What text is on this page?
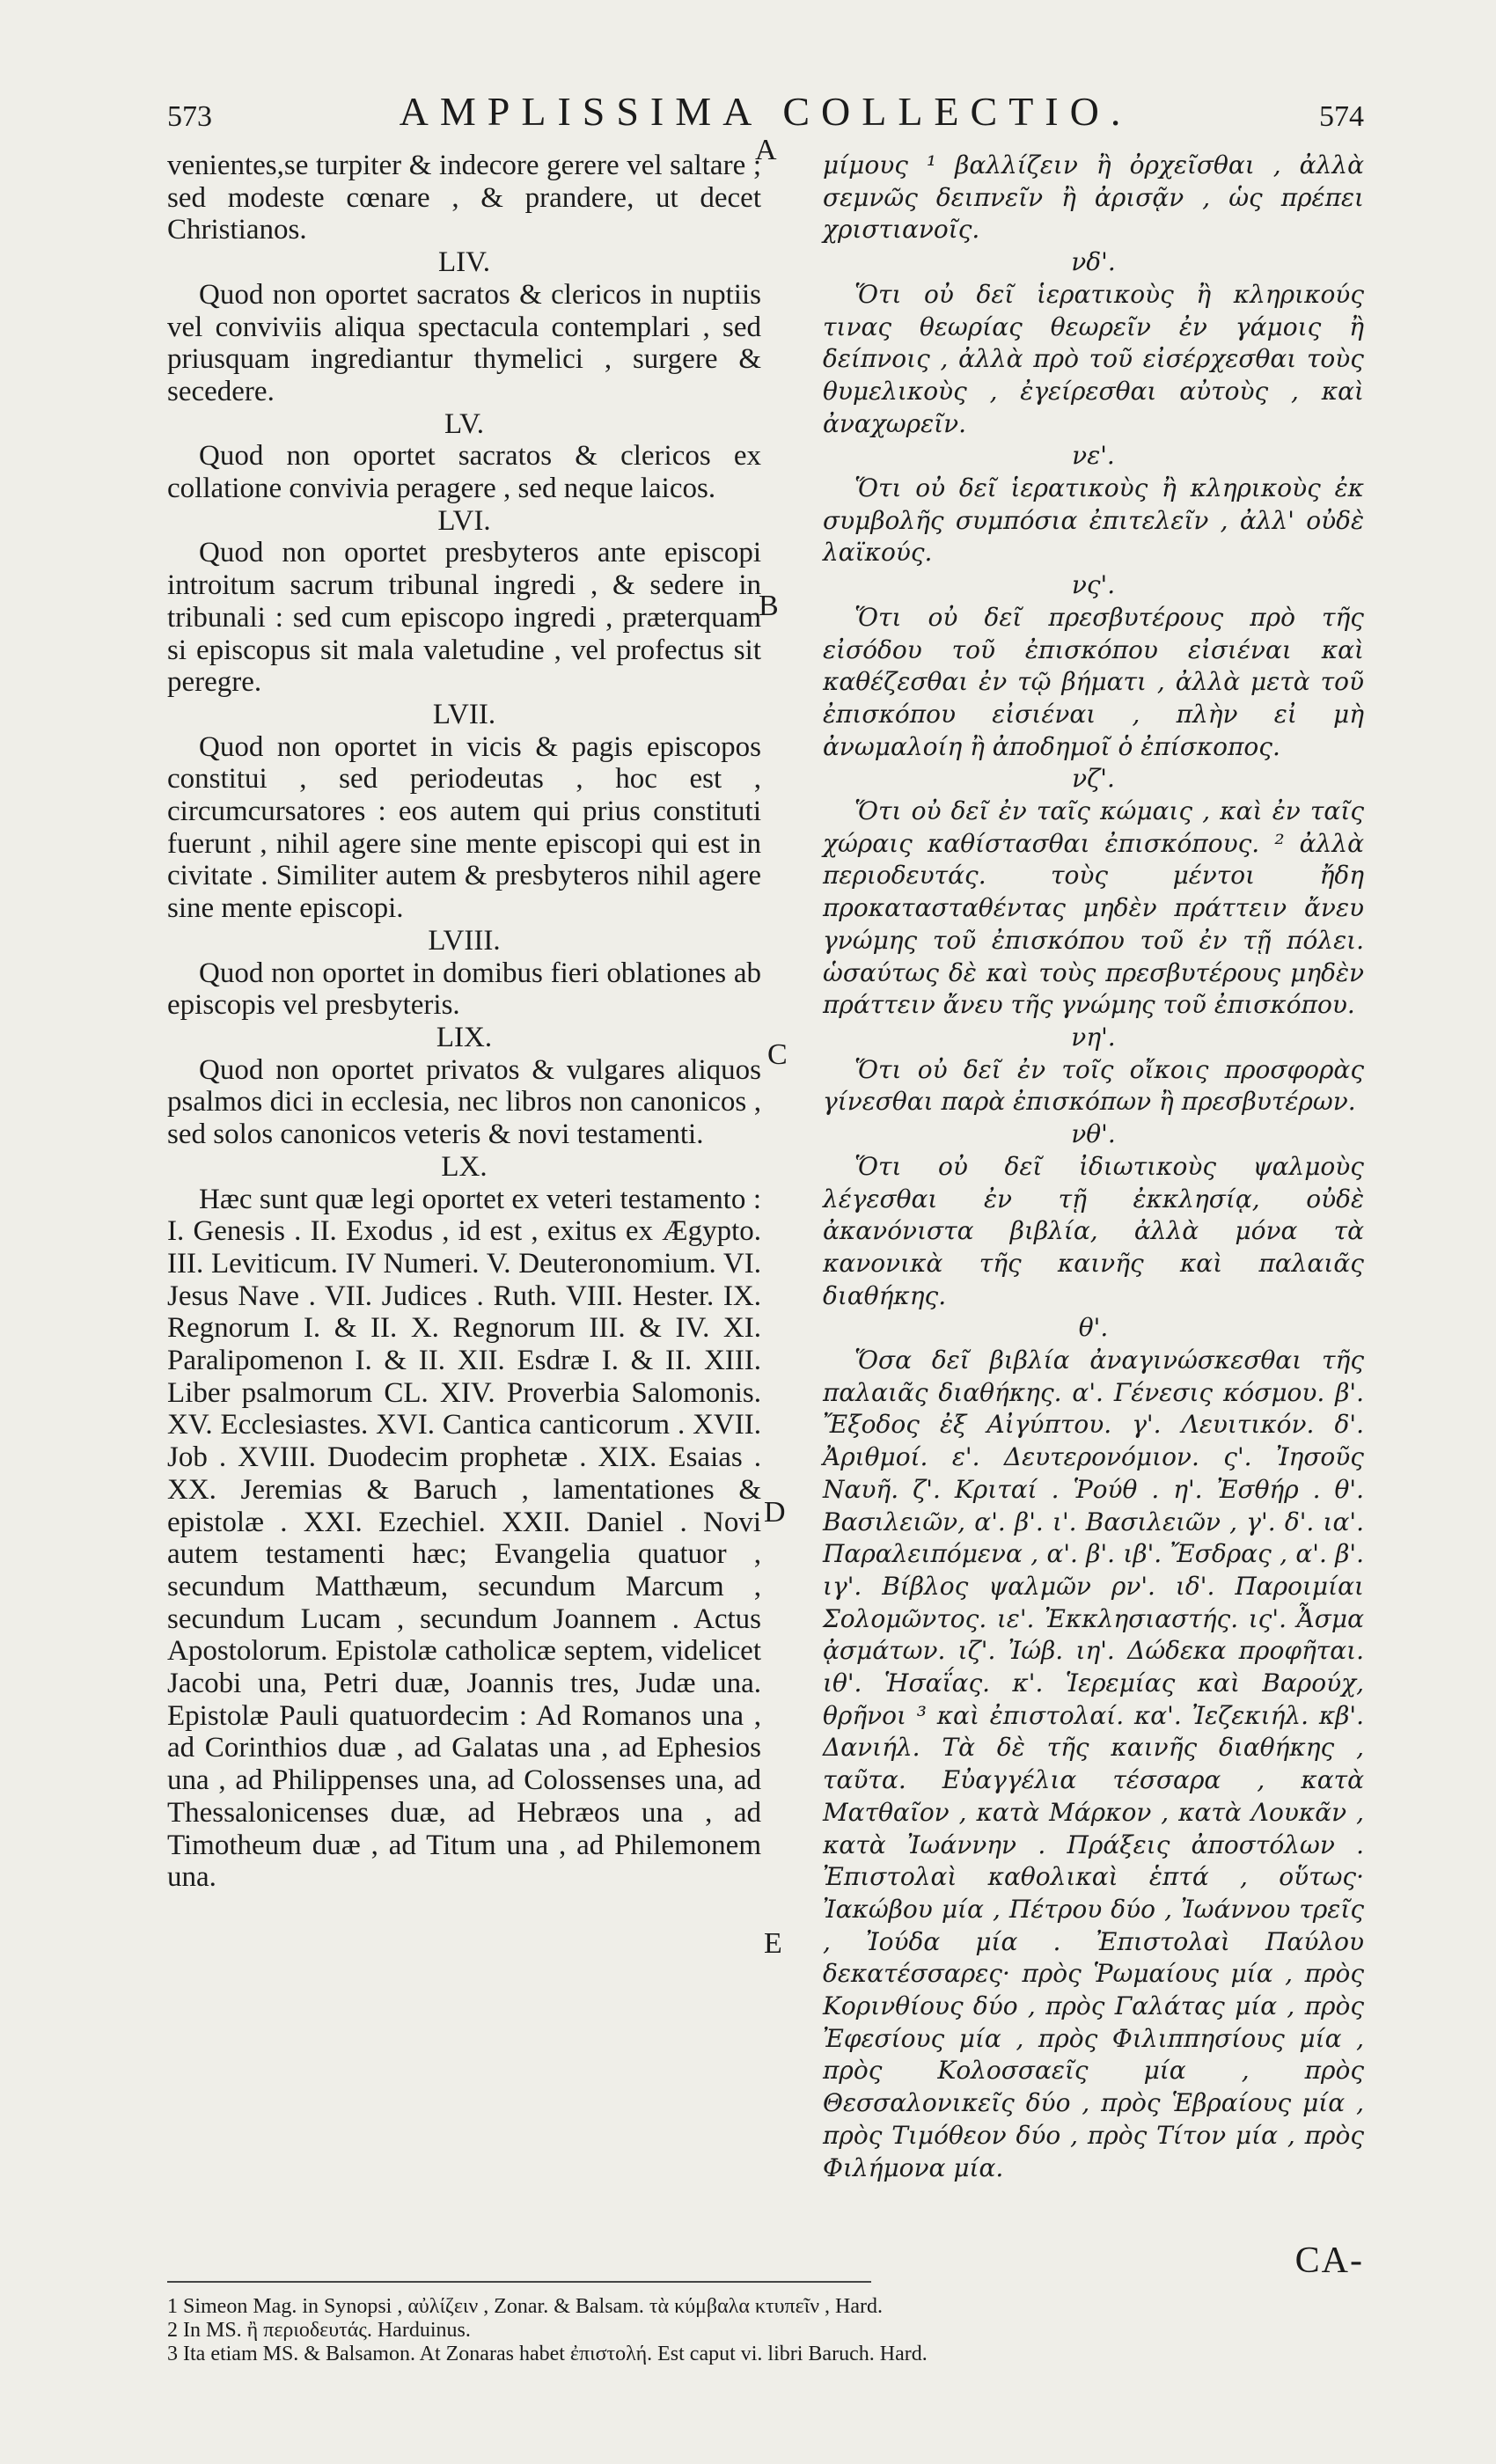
573	AMPLISSIMA COLLECTIO.	574
venientes,se turpiter & indecore gerere vel saltare ; sed modeste cœnare , & prandere, ut decet Christianos.
LIV.
Quod non oportet sacratos & clericos in nuptiis vel conviviis aliqua spectacula contemplari , sed priusquam ingrediantur thymelici , surgere & secedere.
LV.
Quod non oportet sacratos & clericos ex collatione convivia peragere , sed neque laicos.
LVI.
Quod non oportet presbyteros ante episcopi introitum sacrum tribunal ingredi , & sedere in tribunali : sed cum episcopo ingredi , præterquam si episcopus sit mala valetudine , vel profectus sit peregre.
LVII.
Quod non oportet in vicis & pagis episcopos constitui , sed periodeutas , hoc est , circumcursatores : eos autem qui prius constituti fuerunt , nihil agere sine mente episcopi qui est in civitate . Similiter autem & presbyteros nihil agere sine mente episcopi.
LVIII.
Quod non oportet in domibus fieri oblationes ab episcopis vel presbyteris.
LIX.
Quod non oportet privatos & vulgares aliquos psalmos dici in ecclesia, nec libros non canonicos , sed solos canonicos veteris & novi testamenti.
LX.
Hæc sunt quæ legi oportet ex veteri testamento : I. Genesis . II. Exodus , id est , exitus ex Ægypto. III. Leviticum. IV Numeri. V. Deuteronomium. VI. Jesus Nave . VII. Judices . Ruth. VIII. Hester. IX. Regnorum I. & II. X. Regnorum III. & IV. XI. Paralipomenon I. & II. XII. Esdræ I. & II. XIII. Liber psalmorum CL. XIV. Proverbia Salomonis. XV. Ecclesiastes. XVI. Cantica canticorum . XVII. Job . XVIII. Duodecim prophetæ . XIX. Esaias . XX. Jeremias & Baruch , lamentationes & epistolæ . XXI. Ezechiel. XXII. Daniel . Novi autem testamenti hæc; Evangelia quatuor , secundum Matthæum, secundum Marcum , secundum Lucam , secundum Joannem . Actus Apostolorum. Epistolæ catholicæ septem, videlicet Jacobi una, Petri duæ, Joannis tres, Judæ una. Epistolæ Pauli quatuordecim : Ad Romanos una , ad Corinthios duæ , ad Galatas una , ad Ephesios una , ad Philippenses una, ad Colossenses una, ad Thessalonicenses duæ, ad Hebræos una , ad Timotheum duæ , ad Titum una , ad Philemonem una.
μίμους ¹ βαλλίζειν ἢ ὀρχεῖσθαι , ἀλλὰ σεμνῶς δειπνεῖν ἢ ἀρισᾷν , ὡς πρέπει χριστιανοῖς.
νδ'.
Ὅτι οὐ δεῖ ἱερατικοὺς ἢ κληρικούς τινας θεωρίας θεωρεῖν ἐν γάμοις ἢ δείπνοις , ἀλλὰ πρὸ τοῦ εἰσέρχεσθαι τοὺς θυμελικοὺς , ἐγείρεσθαι αὐτοὺς , καὶ ἀναχωρεῖν.
νε'.
Ὅτι οὐ δεῖ ἱερατικοὺς ἢ κληρικοὺς ἐκ συμβολῆς συμπόσια ἐπιτελεῖν , ἀλλ' οὐδὲ λαϊκούς.
νς'.
Ὅτι οὐ δεῖ πρεσβυτέρους πρὸ τῆς εἰσόδου τοῦ ἐπισκόπου εἰσιέναι καὶ καθέζεσθαι ἐν τῷ βήματι , ἀλλὰ μετὰ τοῦ ἐπισκόπου εἰσιέναι , πλὴν εἰ μὴ ἀνωμαλοίη ἢ ἀποδημοῖ ὁ ἐπίσκοπος.
νζ'.
Ὅτι οὐ δεῖ ἐν ταῖς κώμαις , καὶ ἐν ταῖς χώραις καθίστασθαι ἐπισκόπους. ² ἀλλὰ περιοδευτάς. τοὺς μέντοι ἤδη προκατασταθέντας μηδὲν πράττειν ἄνευ γνώμης τοῦ ἐπισκόπου τοῦ ἐν τῇ πόλει. ὡσαύτως δὲ καὶ τοὺς πρεσβυτέρους μηδὲν πράττειν ἄνευ τῆς γνώμης τοῦ ἐπισκόπου.
νη'.
Ὅτι οὐ δεῖ ἐν τοῖς οἴκοις προσφορὰς γίνεσθαι παρὰ ἐπισκόπων ἢ πρεσβυτέρων.
νθ'.
Ὅτι οὐ δεῖ ἰδιωτικοὺς ψαλμοὺς λέγεσθαι ἐν τῇ ἐκκλησίᾳ, οὐδὲ ἀκανόνιστα βιβλία, ἀλλὰ μόνα τὰ κανονικὰ τῆς καινῆς καὶ παλαιᾶς διαθήκης.
θ'.
Ὅσα δεῖ βιβλία ἀναγινώσκεσθαι τῆς παλαιᾶς διαθήκης. α'. Γένεσις κόσμου. β'. Ἔξοδος ἐξ Αἰγύπτου. γ'. Λευιτικόν. δ'. Ἀριθμοί. ε'. Δευτερονόμιον. ς'. Ἰησοῦς Ναυῆ. ζ'. Κριταί . Ῥούθ . η'. Ἐσθήρ . θ'. Βασιλειῶν, α'. β'. ι'. Βασιλειῶν , γ'. δ'. ια'. Παραλειπόμενα , α'. β'. ιβ'. Ἔσδρας , α'. β'. ιγ'. Βίβλος ψαλμῶν ρν'. ιδ'. Παροιμίαι Σολομῶντος. ιε'. Ἐκκλησιαστής. ις'. Ἆσμα ᾀσμάτων. ιζ'. Ἰώβ. ιη'. Δώδεκα προφῆται. ιθ'. Ἡσαΐας. κ'. Ἱερεμίας καὶ Βαρούχ, θρῆνοι ³ καὶ ἐπιστολαί. κα'. Ἰεζεκιήλ. κβ'. Δανιήλ. Τὰ δὲ τῆς καινῆς διαθήκης , ταῦτα. Εὐαγγέλια τέσσαρα , κατὰ Ματθαῖον , κατὰ Μάρκον , κατὰ Λουκᾶν , κατὰ Ἰωάννην . Πράξεις ἀποστόλων . Ἐπιστολαὶ καθολικαὶ ἑπτά , οὕτως· Ἰακώβου μία , Πέτρου δύο , Ἰωάννου τρεῖς , Ἰούδα μία . Ἐπιστολαὶ Παύλου δεκατέσσαρες· πρὸς Ῥωμαίους μία , πρὸς Κορινθίους δύο , πρὸς Γαλάτας μία , πρὸς Ἐφεσίους μία , πρὸς Φιλιππησίους μία , πρὸς Κολοσσαεῖς μία , πρὸς Θεσσαλονικεῖς δύο , πρὸς Ἑβραίους μία , πρὸς Τιμόθεον δύο , πρὸς Τίτον μία , πρὸς Φιλήμονα μία.
A
B
C
D
E
CA-
1 Simeon Mag. in Synopsi , αὐλίζειν , Zonar. & Balsam. τὰ κύμβαλα κτυπεῖν , Hard.
2 In MS. ἢ περιοδευτάς. Harduinus.
3 Ita etiam MS. & Balsamon. At Zonaras habet ἐπιστολή. Est caput vi. libri Baruch. Hard.
